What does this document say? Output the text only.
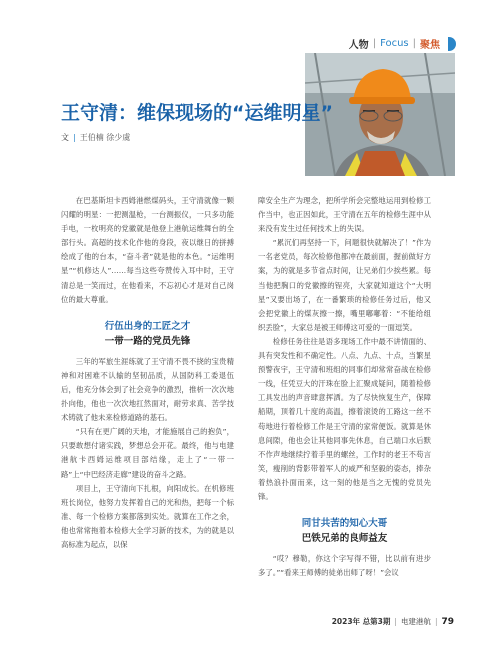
人物 | Focus | 聚焦
王守清：维保现场的“运维明星”
文 | 王伯楠 徐少虞

在巴基斯坦卡西姆港燃煤码头，王守清就像一颗闪耀的明星：一把测温枪，一台测振仪，一只多功能手电，一枚明亮的党徽就是他登上港航运维舞台的全部行头。高超的技术化作他的身段，夜以继日的拼搏绘成了他的台本，“奋斗者”就是他的本色。“运维明星”“机修达人”……每当这些夸赞传入耳中时，王守清总是一笑而过，在他看来，不忘初心才是对自己岗位的最大尊重。

行伍出身的工匠之才
一带一路的党员先锋

三年的军旅生涯练就了王守清不畏不挠的宝贵精神和对困难不认输的坚韧品质，从国防科工委退伍后，他充分体会到了社会竞争的激烈，推析一次次地扑向他，他也一次次地扛然面对，耐劳求真、苦学技术铸就了他未来检修道路的基石。

“只有在更广阔的天地，才能施展自己的抱负”，只要敢想付诸实践，梦想总会开花。最终，他与电建港航卡西姆运维项目部结缘，走上了“一带一路”上“中巴经济走廊”建设的奋斗之路。

项目上，王守清向下扎根，向阳成长。在机修班班长岗位，他努力发挥着自己的光和热，把每一个标准、每一个检修方案都落到实处。就算在工作之余，他也常常拖着本检修大全学习新的技术，为的就是以高标准为起点，以保

障安全生产为理念，把所学所会完整地运用到检修工作当中，也正因如此，王守清在五年的检修生涯中从来没有发生过任何技术上的失误。

“累沉们再坚持一下，问题很快就解决了！”作为一名老党员，每次检修他都冲在最前面，握前做好方案，为的就是多节省点时间，让兄弟们少挨些累。每当他把胸口的党徽擦的锃亮，大家就知道这个“大明星”又要出场了，在一番繁琐的检修任务过后，他又会把党徽上的煤灰擦一擦，嘴里嘟嘟着：“不能给组织丢脸”，大家总是被王师傅这可爱的一面逗笑。

检修任务往往是语多现场工作中最不讲情面的、具有突发性和不确定性。八点、九点、十点，当繁星预警夜宇，王守清和班组的同事们却常常奋战在检修一线，任凭豆大的汗珠在脸上汇聚成疑问，随着检修工具发出的声音肆意挥洒。为了尽快恢复生产，保障船期，顶着几十度的高温，擦着滚烫的工路这一丝不苟地进行着检修工作是王守清的家常便饭。就算是休息间隙，他也会让其他同事先休息，自己端口水后默不作声地继续拧着手里的螺丝，工作时的老王不苟言笑，瘦削的背影带着军人的威严和坚毅的姿态，捧杂着热浪扑面而来，这一刻的他是当之无愧的党员先锋。

同甘共苦的知心大哥
巴铁兄弟的良师益友

“哎？穆勒，你这个字写得不错，比以前有进步多了。”“看来王师傅的徒弟出师了呀！”会议

2023年 总第3期 | 电建港航 | 79
